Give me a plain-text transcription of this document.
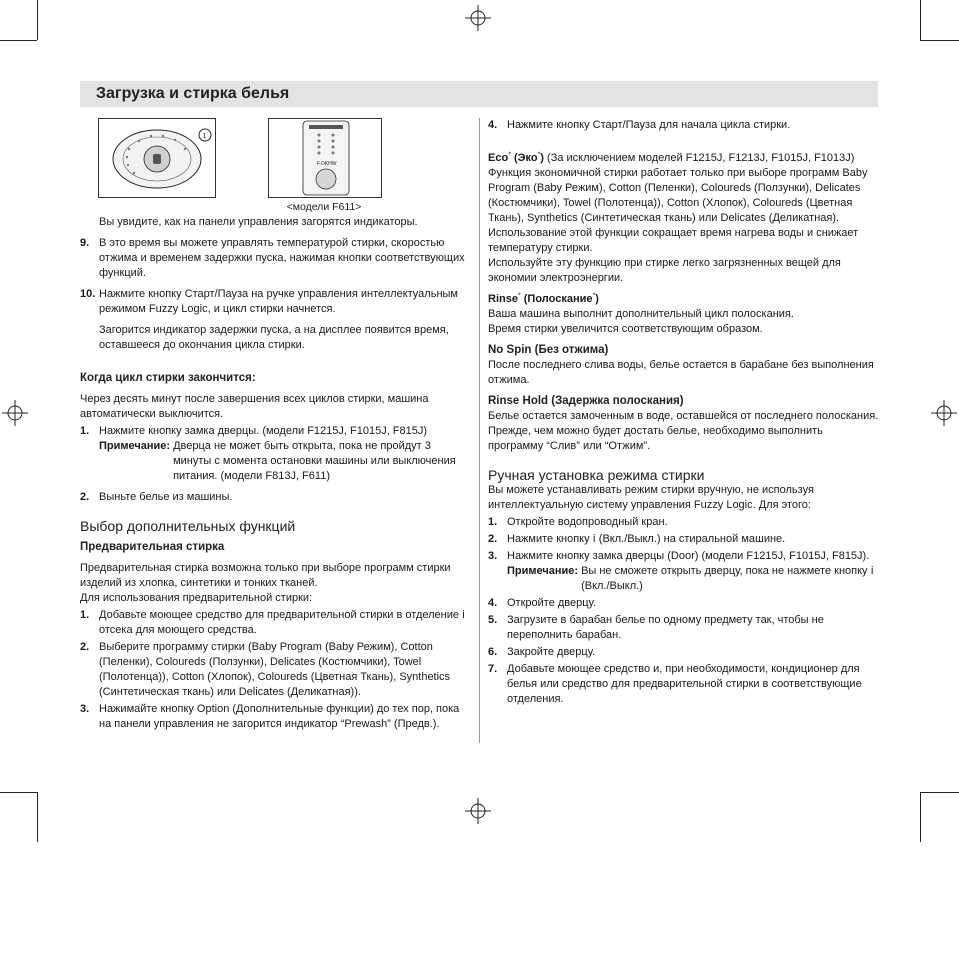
Загрузка и стирка белья
1
F.OKHW

<модели F611>

Вы увидите, как на панели управления загорятся индикаторы.

9. В это время вы можете управлять температурой стирки, скоростью отжима и временем задержки пуска, нажимая кнопки соответствующих функций.
10. Нажмите кнопку Старт/Пауза на ручке управления интеллектуальным режимом Fuzzy Logic, и цикл стирки начнется.

Загорится индикатор задержки пуска, а на дисплее появится время, оставшееся до окончания цикла стирки.

Когда цикл стирки закончится:

Через десять минут после завершения всех циклов стирки, машина автоматически выключится.

1. Нажмите кнопку замка дверцы. (модели F1215J, F1015J, F815J)
Примечание: Дверца не может быть открыта, пока не пройдут 3 минуты с момента остановки машины или выключения питания. (модели F813J, F611)
2. Выньте белье из машины.
Выбор дополнительных функций
Предварительная стирка

Предварительная стирка возможна только при выборе программ стирки изделий из хлопка, синтетики и тонких тканей.

Для использования предварительной стирки:

1. Добавьте моющее средство для предварительной стирки в отделение ⅰ отсека для моющего средства.
2. Выберите программу стирки (Baby Program (Baby Режим), Cotton (Пеленки), Coloureds (Ползунки), Delicates (Костюмчики), Towel (Полотенца)), Cotton (Хлопок), Coloureds (Цветная Ткань), Synthetics (Синтетическая ткань) или Delicates (Деликатная)).
3. Нажимайте кнопку Option (Дополнительные функции) до тех пор, пока на панели управления не загорится индикатор “Prewash” (Предв.).
4. Нажмите кнопку Старт/Пауза для начала цикла стирки.

Eco* (Эко*) (За исключением моделей F1215J, F1213J, F1015J, F1013J)

Функция экономичной стирки работает только при выборе программ Baby Program (Baby Режим), Cotton (Пеленки), Coloureds (Ползунки), Delicates (Костюмчики), Towel (Полотенца)), Cotton (Хлопок), Coloureds (Цветная Ткань), Synthetics (Синтетическая ткань) или Delicates (Деликатная).

Использование этой функции сокращает время нагрева воды и снижает температуру стирки.

Используйте эту функцию при стирке легко загрязненных вещей для экономии электроэнергии.

Rinse* (Полоскание*)

Ваша машина выполнит дополнительный цикл полоскания.

Время стирки увеличится соответствующим образом.

No Spin (Без отжима)

После последнего слива воды, белье остается в барабане без выполнения отжима.

Rinse Hold (Задержка полоскания)

Белье остается замоченным в воде, оставшейся от последнего полоскания.

Прежде, чем можно будет достать белье, необходимо выполнить программу “Слив” или “Отжим”.

Ручная установка режима стирки

Вы можете устанавливать режим стирки вручную, не используя интеллектуальную систему управления Fuzzy Logic. Для этого:

1. Откройте водопроводный кран.
2. Нажмите кнопку ⅰ (Вкл./Выкл.) на стиральной машине.
3. Нажмите кнопку замка дверцы (Door) (модели F1215J, F1015J, F815J).
Примечание: Вы не сможете открыть дверцу, пока не нажмете кнопку ⅰ (Вкл./Выкл.)
4. Откройте дверцу.
5. Загрузите в барабан белье по одному предмету так, чтобы не переполнить барабан.
6. Закройте дверцу.
7. Добавьте моющее средство и, при необходимости, кондиционер для белья или средство для предварительной стирки в соответствующие отделения.
